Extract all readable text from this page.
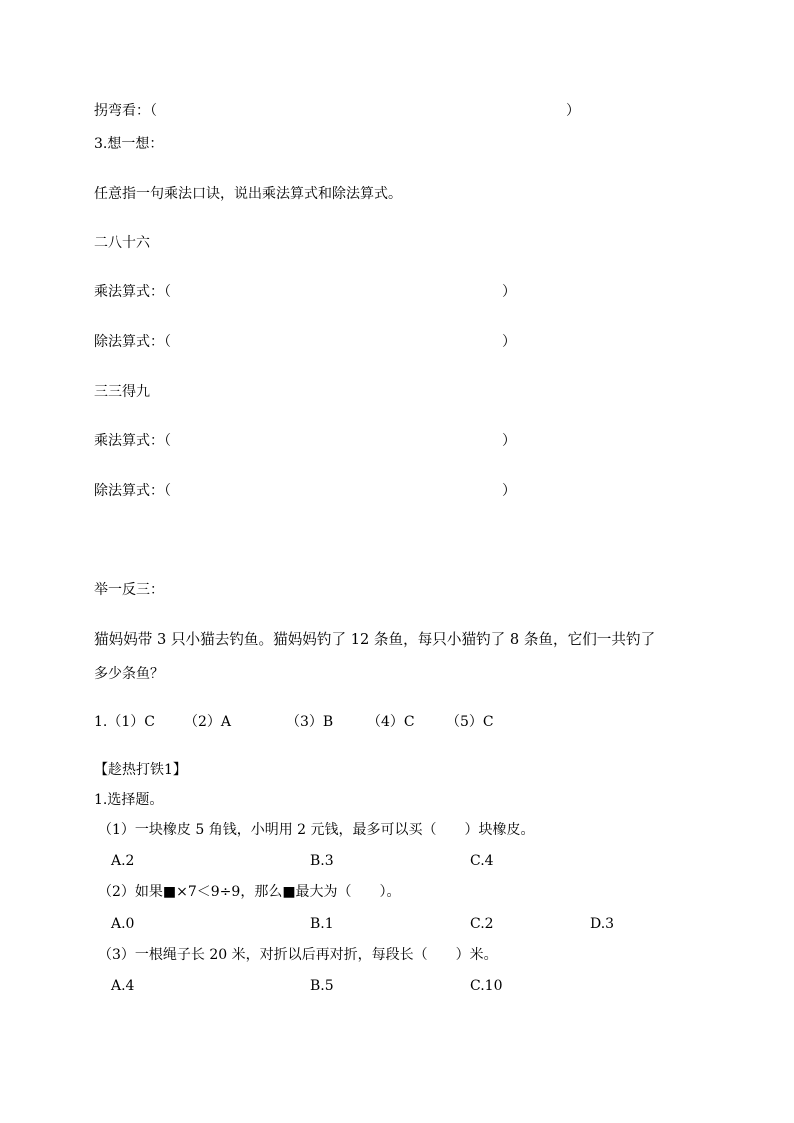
拐弯看：（	）
3.想一想：
任意指一句乘法口诀，说出乘法算式和除法算式。
二八十六
乘法算式：（	）
除法算式：（	）
三三得九
乘法算式：（	）
除法算式：（	）
举一反三：
猫妈妈带 3 只小猫去钓鱼。猫妈妈钓了 12 条鱼，每只小猫钓了 8 条鱼，它们一共钓了
多少条鱼？
1.（1）C （2）A	（3）B （4）C （5）C
【趁热打铁1】
1.选择题。
（1）一块橡皮 5 角钱，小明用 2 元钱，最多可以买（　　）块橡皮。
A.2	B.3	C.4
（2）如果■×7＜9÷9，那么■最大为（　　）。
A.0	B.1	C.2	D.3
（3）一根绳子长 20 米，对折以后再对折，每段长（　　）米。
A.4	B.5	C.10
